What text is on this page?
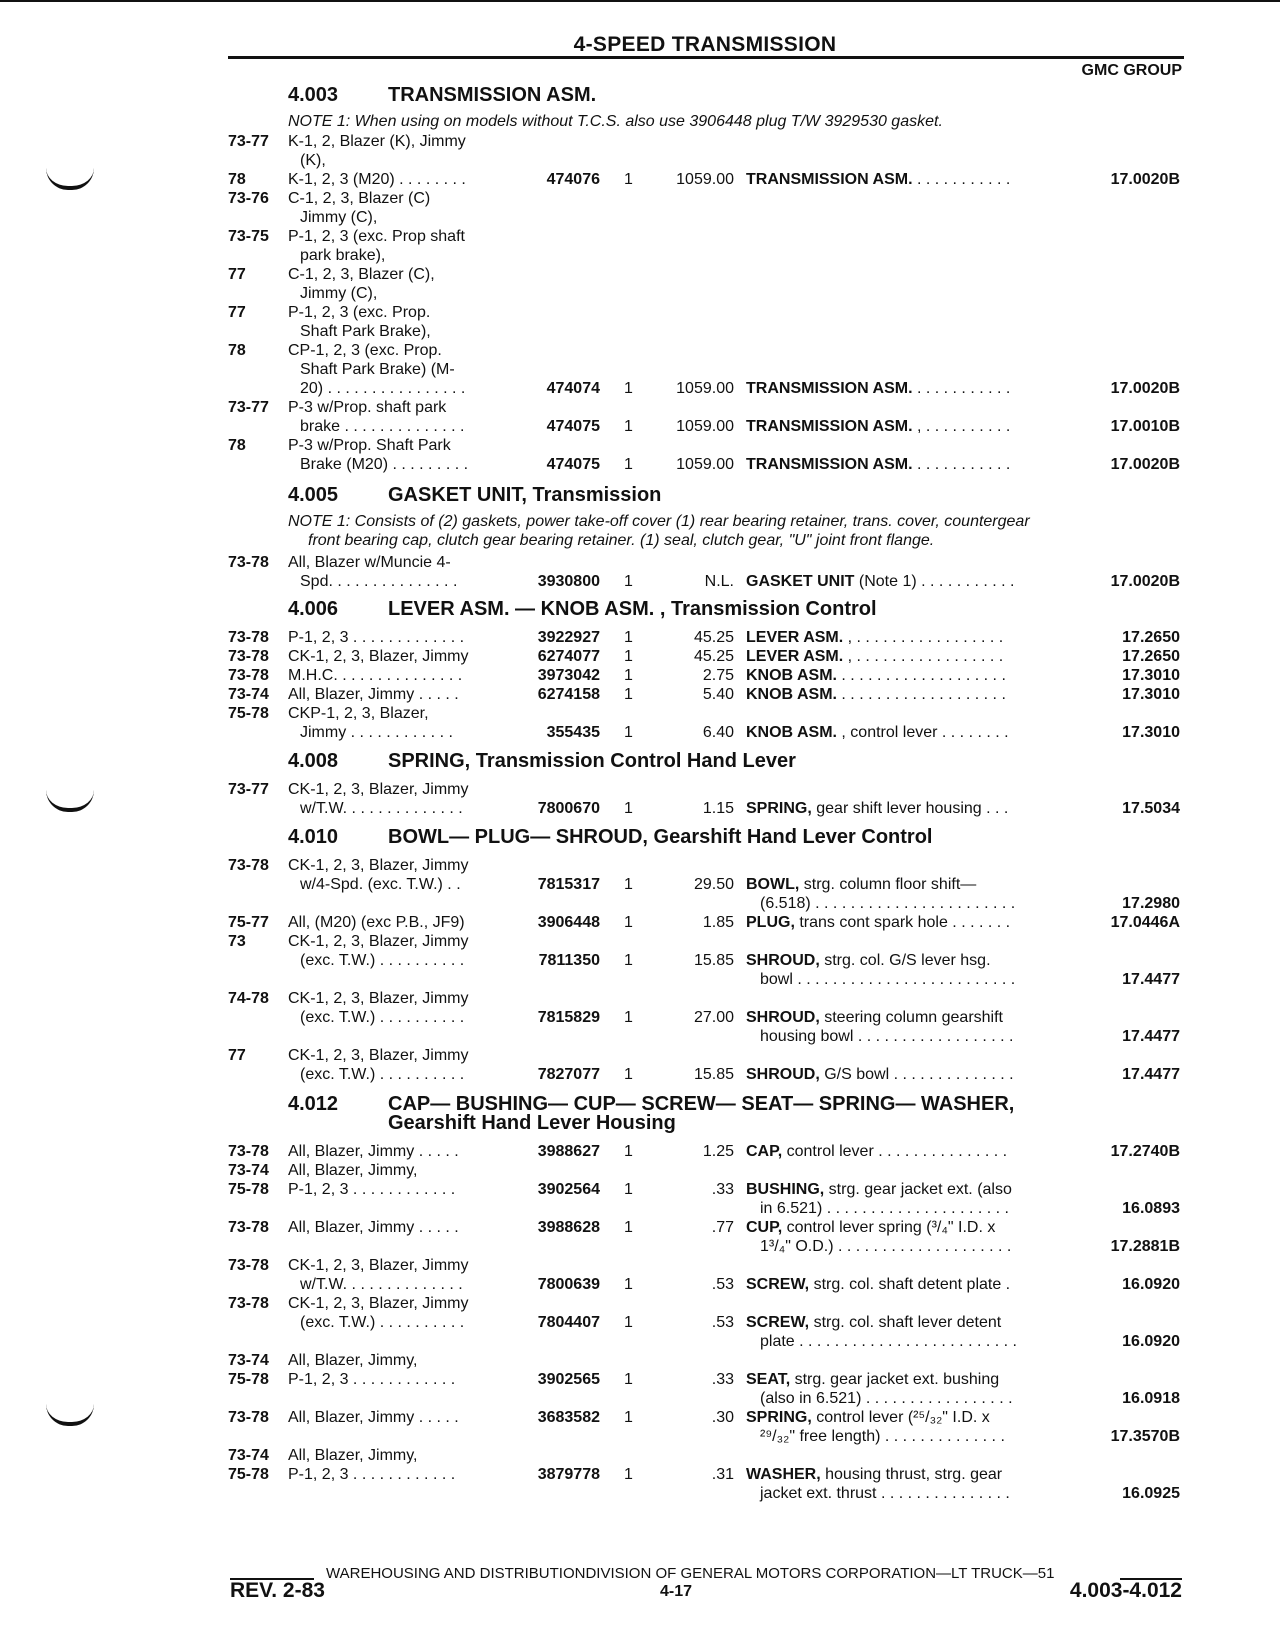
4-SPEED TRANSMISSION
GMC GROUP
4.003 TRANSMISSION ASM.
NOTE 1: When using on models without T.C.S. also use 3906448 plug T/W 3929530 gasket.
73-77 K-1, 2, Blazer (K), Jimmy
(K),
78	K-1, 2, 3 (M20) . . . . . . . .	474076 1	1059.00 TRANSMISSION ASM. . . . . . . . . . . .	17.0020B
73-76 C-1, 2, 3, Blazer (C)
Jimmy (C),
73-75 P-1, 2, 3 (exc. Prop shaft
park brake),
77	C-1, 2, 3, Blazer (C),
Jimmy (C),
77	P-1, 2, 3 (exc. Prop.
Shaft Park Brake),
78	CP-1, 2, 3 (exc. Prop.
Shaft Park Brake) (M-
20) . . . . . . . . . . . . . . . .	474074 1	1059.00 TRANSMISSION ASM. . . . . . . . . . . .	17.0020B
73-77 P-3 w/Prop. shaft park
brake . . . . . . . . . . . . . .	474075 1	1059.00 TRANSMISSION ASM. , . . . . . . . . . .	17.0010B
78	P-3 w/Prop. Shaft Park
Brake (M20) . . . . . . . . .	474075 1	1059.00 TRANSMISSION ASM. . . . . . . . . . . .	17.0020B
4.005 GASKET UNIT, Transmission
NOTE 1: Consists of (2) gaskets, power take-off cover (1) rear bearing retainer, trans. cover, countergear
front bearing cap, clutch gear bearing retainer. (1) seal, clutch gear, "U" joint front flange.
73-78 All, Blazer w/Muncie 4-
Spd. . . . . . . . . . . . . . .	3930800 1	N.L. GASKET UNIT (Note 1) . . . . . . . . . . .	17.0020B
4.006 LEVER ASM. — KNOB ASM. , Transmission Control
73-78 P-1, 2, 3 . . . . . . . . . . . . .	3922927 1	45.25 LEVER ASM. , . . . . . . . . . . . . . . . . .	17.2650
73-78 CK-1, 2, 3, Blazer, Jimmy	6274077 1	45.25 LEVER ASM. , . . . . . . . . . . . . . . . . .	17.2650
73-78 M.H.C. . . . . . . . . . . . . . .	3973042 1	2.75 KNOB ASM. . . . . . . . . . . . . . . . . . . .	17.3010
73-74 All, Blazer, Jimmy . . . . .	6274158 1	5.40 KNOB ASM. . . . . . . . . . . . . . . . . . . .	17.3010
75-78 CKP-1, 2, 3, Blazer,
Jimmy . . . . . . . . . . . .	355435 1	6.40 KNOB ASM. , control lever . . . . . . . .	17.3010
4.008 SPRING, Transmission Control Hand Lever
73-77 CK-1, 2, 3, Blazer, Jimmy
w/T.W. . . . . . . . . . . . . .	7800670 1	1.15 SPRING, gear shift lever housing . . .	17.5034
4.010 BOWL— PLUG— SHROUD, Gearshift Hand Lever Control
73-78 CK-1, 2, 3, Blazer, Jimmy
w/4-Spd. (exc. T.W.) . .	7815317 1	29.50 BOWL, strg. column floor shift—
(6.518) . . . . . . . . . . . . . . . . . . . . . . .	17.2980
75-77 All, (M20) (exc P.B., JF9)	3906448 1	1.85 PLUG, trans cont spark hole . . . . . . .	17.0446A
73	CK-1, 2, 3, Blazer, Jimmy
(exc. T.W.) . . . . . . . . . .	7811350 1	15.85 SHROUD, strg. col. G/S lever hsg.
bowl . . . . . . . . . . . . . . . . . . . . . . . . .	17.4477
74-78 CK-1, 2, 3, Blazer, Jimmy
(exc. T.W.) . . . . . . . . . .	7815829 1	27.00 SHROUD, steering column gearshift
housing bowl . . . . . . . . . . . . . . . . . .	17.4477
77	CK-1, 2, 3, Blazer, Jimmy
(exc. T.W.) . . . . . . . . . .	7827077 1	15.85 SHROUD, G/S bowl . . . . . . . . . . . . . .	17.4477
4.012 CAP— BUSHING— CUP— SCREW— SEAT— SPRING— WASHER,
Gearshift Hand Lever Housing
73-78 All, Blazer, Jimmy . . . . .	3988627 1	1.25 CAP, control lever . . . . . . . . . . . . . . .	17.2740B
73-74 All, Blazer, Jimmy,
75-78 P-1, 2, 3 . . . . . . . . . . . .	3902564 1	.33 BUSHING, strg. gear jacket ext. (also
in 6.521) . . . . . . . . . . . . . . . . . . . . .	16.0893
73-78 All, Blazer, Jimmy . . . . .	3988628 1	.77 CUP, control lever spring (³/₄" I.D. x
1³/₄" O.D.) . . . . . . . . . . . . . . . . . . . .	17.2881B
73-78 CK-1, 2, 3, Blazer, Jimmy
w/T.W. . . . . . . . . . . . . .	7800639 1	.53 SCREW, strg. col. shaft detent plate .	16.0920
73-78 CK-1, 2, 3, Blazer, Jimmy
(exc. T.W.) . . . . . . . . . .	7804407 1	.53 SCREW, strg. col. shaft lever detent
plate . . . . . . . . . . . . . . . . . . . . . . . . .	16.0920
73-74 All, Blazer, Jimmy,
75-78 P-1, 2, 3 . . . . . . . . . . . .	3902565 1	.33 SEAT, strg. gear jacket ext. bushing
(also in 6.521) . . . . . . . . . . . . . . . . .	16.0918
73-78 All, Blazer, Jimmy . . . . .	3683582 1	.30 SPRING, control lever (²⁵/₃₂" I.D. x
²⁹/₃₂" free length) . . . . . . . . . . . . . .	17.3570B
73-74 All, Blazer, Jimmy,
75-78 P-1, 2, 3 . . . . . . . . . . . .	3879778 1	.31 WASHER, housing thrust, strg. gear
jacket ext. thrust . . . . . . . . . . . . . . .	16.0925
WAREHOUSING AND DISTRIBUTIONDIVISION OF GENERAL MOTORS CORPORATION—LT TRUCK—51
REV. 2-83	4-17	4.003-4.012
